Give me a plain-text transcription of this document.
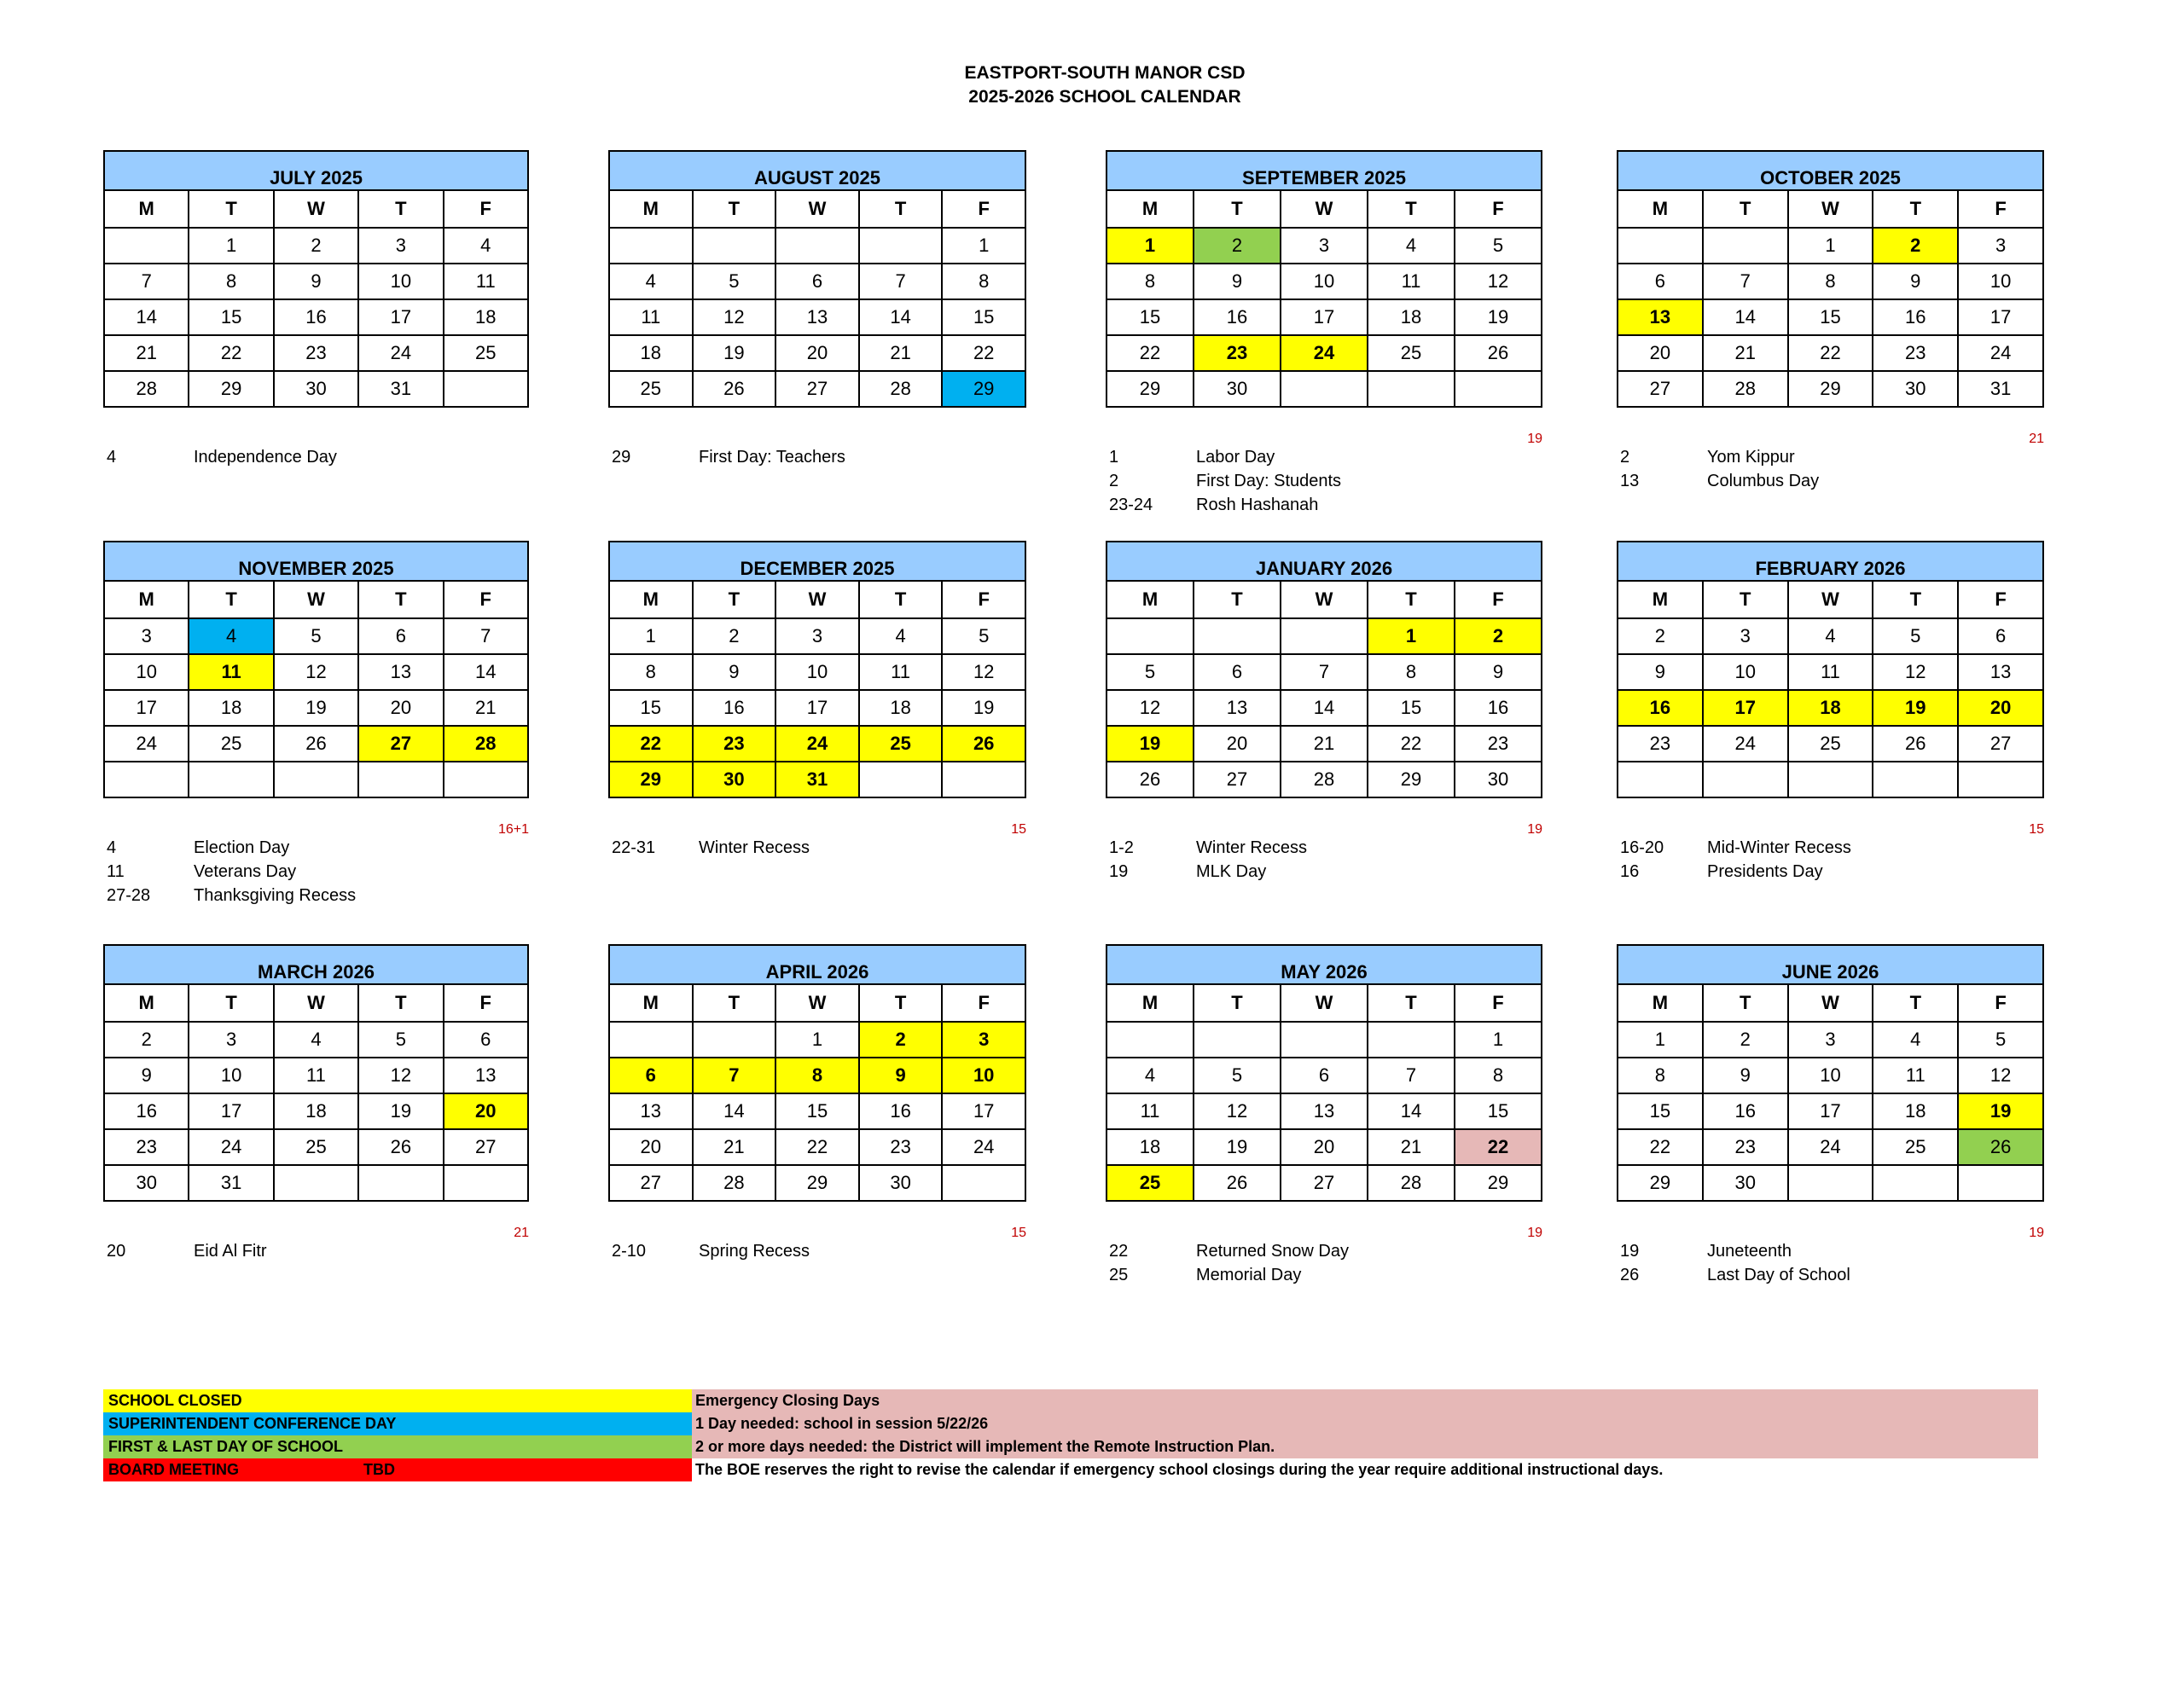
EASTPORT-SOUTH MANOR CSD
2025-2026 SCHOOL CALENDAR
JULY 2025				
M	T	W	T	F
	1	2	3	4
7	8	9	10	11
14	15	16	17	18
21	22	23	24	25
28	29	30	31	
4	Independence Day
AUGUST 2025				
M	T	W	T	F
				1
4	5	6	7	8
11	12	13	14	15
18	19	20	21	22
25	26	27	28	29
29	First Day: Teachers
SEPTEMBER 2025				
M	T	W	T	F
1	2	3	4	5
8	9	10	11	12
15	16	17	18	19
22	23	24	25	26
29	30			
19
1	Labor Day
2	First Day: Students
23-24	Rosh Hashanah
OCTOBER 2025				
M	T	W	T	F
		1	2	3
6	7	8	9	10
13	14	15	16	17
20	21	22	23	24
27	28	29	30	31
21
2	Yom Kippur
13	Columbus Day
NOVEMBER 2025				
M	T	W	T	F
3	4	5	6	7
10	11	12	13	14
17	18	19	20	21
24	25	26	27	28

16+1
4	Election Day
11	Veterans Day
27-28	Thanksgiving Recess
DECEMBER 2025				
M	T	W	T	F
1	2	3	4	5
8	9	10	11	12
15	16	17	18	19
22	23	24	25	26
29	30	31		
15
22-31	Winter Recess
JANUARY 2026				
M	T	W	T	F
			1	2
5	6	7	8	9
12	13	14	15	16
19	20	21	22	23
26	27	28	29	30
19
1-2	Winter Recess
19	MLK Day
FEBRUARY 2026				
M	T	W	T	F
2	3	4	5	6
9	10	11	12	13
16	17	18	19	20
23	24	25	26	27

15
16-20	Mid-Winter Recess
16	Presidents Day
MARCH 2026				
M	T	W	T	F
2	3	4	5	6
9	10	11	12	13
16	17	18	19	20
23	24	25	26	27
30	31			
21
20	Eid Al Fitr
APRIL 2026				
M	T	W	T	F
		1	2	3
6	7	8	9	10
13	14	15	16	17
20	21	22	23	24
27	28	29	30	
15
2-10	Spring Recess
MAY 2026				
M	T	W	T	F
				1
4	5	6	7	8
11	12	13	14	15
18	19	20	21	22
25	26	27	28	29
19
22	Returned Snow Day
25	Memorial Day
JUNE 2026				
M	T	W	T	F
1	2	3	4	5
8	9	10	11	12
15	16	17	18	19
22	23	24	25	26
29	30			
19
19	Juneteenth
26	Last Day of School
SCHOOL CLOSED	Emergency Closing Days
SUPERINTENDENT CONFERENCE DAY	1 Day needed: school in session 5/22/26
FIRST & LAST DAY OF SCHOOL	2 or more days needed: the District will implement the Remote Instruction Plan.
BOARD MEETING	TBD	The BOE reserves the right to revise the calendar if emergency school closings during the year require additional instructional days.
